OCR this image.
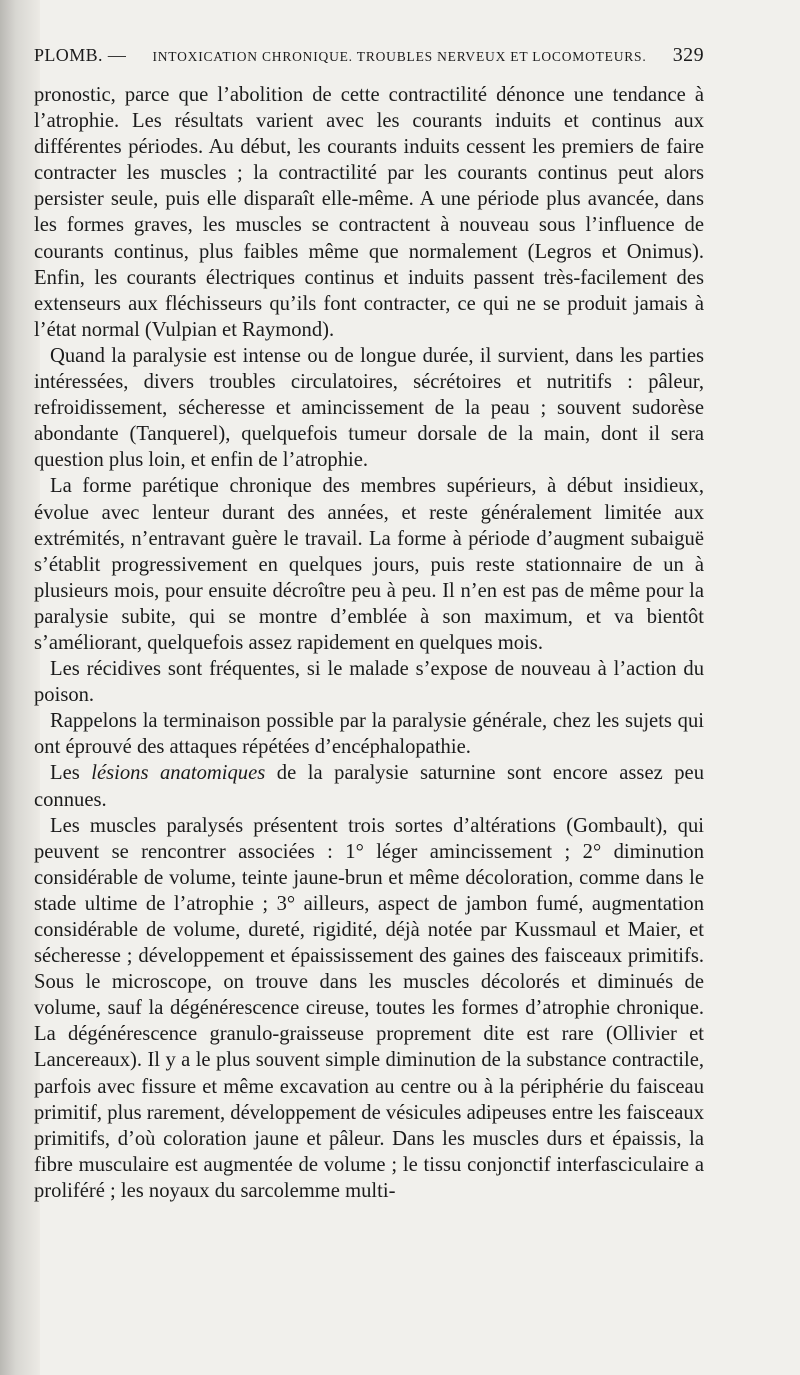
PLOMB. — INTOXICATION CHRONIQUE. TROUBLES NERVEUX ET LOCOMOTEURS. 329

pronostic, parce que l’abolition de cette contractilité dénonce une tendance à l’atrophie. Les résultats varient avec les courants induits et continus aux différentes périodes. Au début, les courants induits cessent les premiers de faire contracter les muscles ; la contractilité par les courants continus peut alors persister seule, puis elle disparaît elle-même. A une période plus avancée, dans les formes graves, les muscles se contractent à nouveau sous l’influence de courants continus, plus faibles même que normalement (Legros et Onimus). Enfin, les courants électriques continus et induits passent très-facilement des extenseurs aux fléchisseurs qu’ils font contracter, ce qui ne se produit jamais à l’état normal (Vulpian et Raymond).

Quand la paralysie est intense ou de longue durée, il survient, dans les parties intéressées, divers troubles circulatoires, sécrétoires et nutritifs : pâleur, refroidissement, sécheresse et amincissement de la peau ; souvent sudorèse abondante (Tanquerel), quelquefois tumeur dorsale de la main, dont il sera question plus loin, et enfin de l’atrophie.

La forme parétique chronique des membres supérieurs, à début insidieux, évolue avec lenteur durant des années, et reste généralement limitée aux extrémités, n’entravant guère le travail. La forme à période d’augment subaiguë s’établit progressivement en quelques jours, puis reste stationnaire de un à plusieurs mois, pour ensuite décroître peu à peu. Il n’en est pas de même pour la paralysie subite, qui se montre d’emblée à son maximum, et va bientôt s’améliorant, quelquefois assez rapidement en quelques mois.

Les récidives sont fréquentes, si le malade s’expose de nouveau à l’action du poison.

Rappelons la terminaison possible par la paralysie générale, chez les sujets qui ont éprouvé des attaques répétées d’encéphalopathie.

Les lésions anatomiques de la paralysie saturnine sont encore assez peu connues.

Les muscles paralysés présentent trois sortes d’altérations (Gombault), qui peuvent se rencontrer associées : 1° léger amincissement ; 2° diminution considérable de volume, teinte jaune-brun et même décoloration, comme dans le stade ultime de l’atrophie ; 3° ailleurs, aspect de jambon fumé, augmentation considérable de volume, dureté, rigidité, déjà notée par Kussmaul et Maier, et sécheresse ; développement et épaississement des gaines des faisceaux primitifs. Sous le microscope, on trouve dans les muscles décolorés et diminués de volume, sauf la dégénérescence cireuse, toutes les formes d’atrophie chronique. La dégénérescence granulo-graisseuse proprement dite est rare (Ollivier et Lancereaux). Il y a le plus souvent simple diminution de la substance contractile, parfois avec fissure et même excavation au centre ou à la périphérie du faisceau primitif, plus rarement, développement de vésicules adipeuses entre les faisceaux primitifs, d’où coloration jaune et pâleur. Dans les muscles durs et épaissis, la fibre musculaire est augmentée de volume ; le tissu conjonctif interfasciculaire a proliféré ; les noyaux du sarcolemme multi-
